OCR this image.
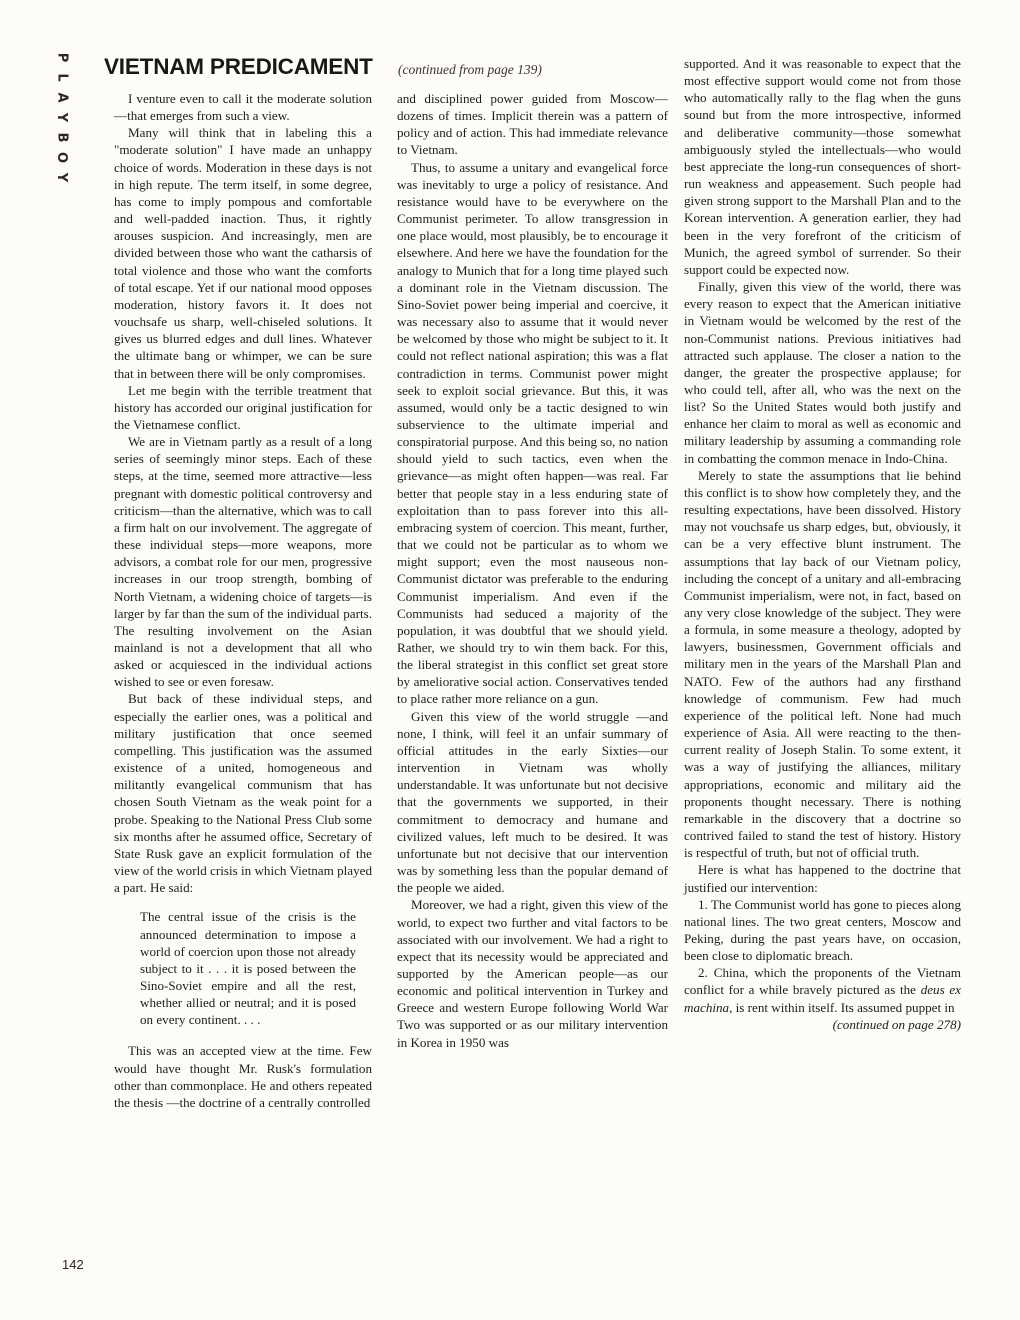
P
L
A
Y
B
O
Y
VIETNAM PREDICAMENT (continued from page 139)

I venture even to call it the moderate solution—that emerges from such a view.

Many will think that in labeling this a "moderate solution" I have made an unhappy choice of words. Moderation in these days is not in high repute. The term itself, in some degree, has come to imply pompous and comfortable and well-padded inaction. Thus, it rightly arouses suspicion. And increasingly, men are divided between those who want the catharsis of total violence and those who want the comforts of total escape. Yet if our national mood opposes moderation, history favors it. It does not vouchsafe us sharp, well-chiseled solutions. It gives us blurred edges and dull lines. Whatever the ultimate bang or whimper, we can be sure that in between there will be only compromises.

Let me begin with the terrible treatment that history has accorded our original justification for the Vietnamese conflict.

We are in Vietnam partly as a result of a long series of seemingly minor steps. Each of these steps, at the time, seemed more attractive—less pregnant with domestic political controversy and criticism—than the alternative, which was to call a firm halt on our involvement. The aggregate of these individual steps—more weapons, more advisors, a combat role for our men, progressive increases in our troop strength, bombing of North Vietnam, a widening choice of targets—is larger by far than the sum of the individual parts. The resulting involvement on the Asian mainland is not a development that all who asked or acquiesced in the individual actions wished to see or even foresaw.

But back of these individual steps, and especially the earlier ones, was a political and military justification that once seemed compelling. This justification was the assumed existence of a united, homogeneous and militantly evangelical communism that has chosen South Vietnam as the weak point for a probe. Speaking to the National Press Club some six months after he assumed office, Secretary of State Rusk gave an explicit formulation of the view of the world crisis in which Vietnam played a part. He said:

The central issue of the crisis is the announced determination to impose a world of coercion upon those not already subject to it . . . it is posed between the Sino-Soviet empire and all the rest, whether allied or neutral; and it is posed on every continent. . . .

This was an accepted view at the time. Few would have thought Mr. Rusk's formulation other than commonplace. He and others repeated the thesis —the doctrine of a centrally controlled

and disciplined power guided from Moscow—dozens of times. Implicit therein was a pattern of policy and of action. This had immediate relevance to Vietnam.

Thus, to assume a unitary and evangelical force was inevitably to urge a policy of resistance. And resistance would have to be everywhere on the Communist perimeter. To allow transgression in one place would, most plausibly, be to encourage it elsewhere. And here we have the foundation for the analogy to Munich that for a long time played such a dominant role in the Vietnam discussion. The Sino-Soviet power being imperial and coercive, it was necessary also to assume that it would never be welcomed by those who might be subject to it. It could not reflect national aspiration; this was a flat contradiction in terms. Communist power might seek to exploit social grievance. But this, it was assumed, would only be a tactic designed to win subservience to the ultimate imperial and conspiratorial purpose. And this being so, no nation should yield to such tactics, even when the grievance—as might often happen—was real. Far better that people stay in a less enduring state of exploitation than to pass forever into this all-embracing system of coercion. This meant, further, that we could not be particular as to whom we might support; even the most nauseous non-Communist dictator was preferable to the enduring Communist imperialism. And even if the Communists had seduced a majority of the population, it was doubtful that we should yield. Rather, we should try to win them back. For this, the liberal strategist in this conflict set great store by ameliorative social action. Conservatives tended to place rather more reliance on a gun.

Given this view of the world struggle —and none, I think, will feel it an unfair summary of official attitudes in the early Sixties—our intervention in Vietnam was wholly understandable. It was unfortunate but not decisive that the governments we supported, in their commitment to democracy and humane and civilized values, left much to be desired. It was unfortunate but not decisive that our intervention was by something less than the popular demand of the people we aided.

Moreover, we had a right, given this view of the world, to expect two further and vital factors to be associated with our involvement. We had a right to expect that its necessity would be appreciated and supported by the American people—as our economic and political intervention in Turkey and Greece and western Europe following World War Two was supported or as our military intervention in Korea in 1950 was

supported. And it was reasonable to expect that the most effective support would come not from those who automatically rally to the flag when the guns sound but from the more introspective, informed and deliberative community—those somewhat ambiguously styled the intellectuals—who would best appreciate the long-run consequences of short-run weakness and appeasement. Such people had given strong support to the Marshall Plan and to the Korean intervention. A generation earlier, they had been in the very forefront of the criticism of Munich, the agreed symbol of surrender. So their support could be expected now.

Finally, given this view of the world, there was every reason to expect that the American initiative in Vietnam would be welcomed by the rest of the non-Communist nations. Previous initiatives had attracted such applause. The closer a nation to the danger, the greater the prospective applause; for who could tell, after all, who was the next on the list? So the United States would both justify and enhance her claim to moral as well as economic and military leadership by assuming a commanding role in combatting the common menace in Indo-China.

Merely to state the assumptions that lie behind this conflict is to show how completely they, and the resulting expectations, have been dissolved. History may not vouchsafe us sharp edges, but, obviously, it can be a very effective blunt instrument. The assumptions that lay back of our Vietnam policy, including the concept of a unitary and all-embracing Communist imperialism, were not, in fact, based on any very close knowledge of the subject. They were a formula, in some measure a theology, adopted by lawyers, businessmen, Government officials and military men in the years of the Marshall Plan and NATO. Few of the authors had any firsthand knowledge of communism. Few had much experience of the political left. None had much experience of Asia. All were reacting to the then-current reality of Joseph Stalin. To some extent, it was a way of justifying the alliances, military appropriations, economic and military aid the proponents thought necessary. There is nothing remarkable in the discovery that a doctrine so contrived failed to stand the test of history. History is respectful of truth, but not of official truth.

Here is what has happened to the doctrine that justified our intervention:

1. The Communist world has gone to pieces along national lines. The two great centers, Moscow and Peking, during the past years have, on occasion, been close to diplomatic breach.

2. China, which the proponents of the Vietnam conflict for a while bravely pictured as the deus ex machina, is rent within itself. Its assumed puppet in

(continued on page 278)

142
